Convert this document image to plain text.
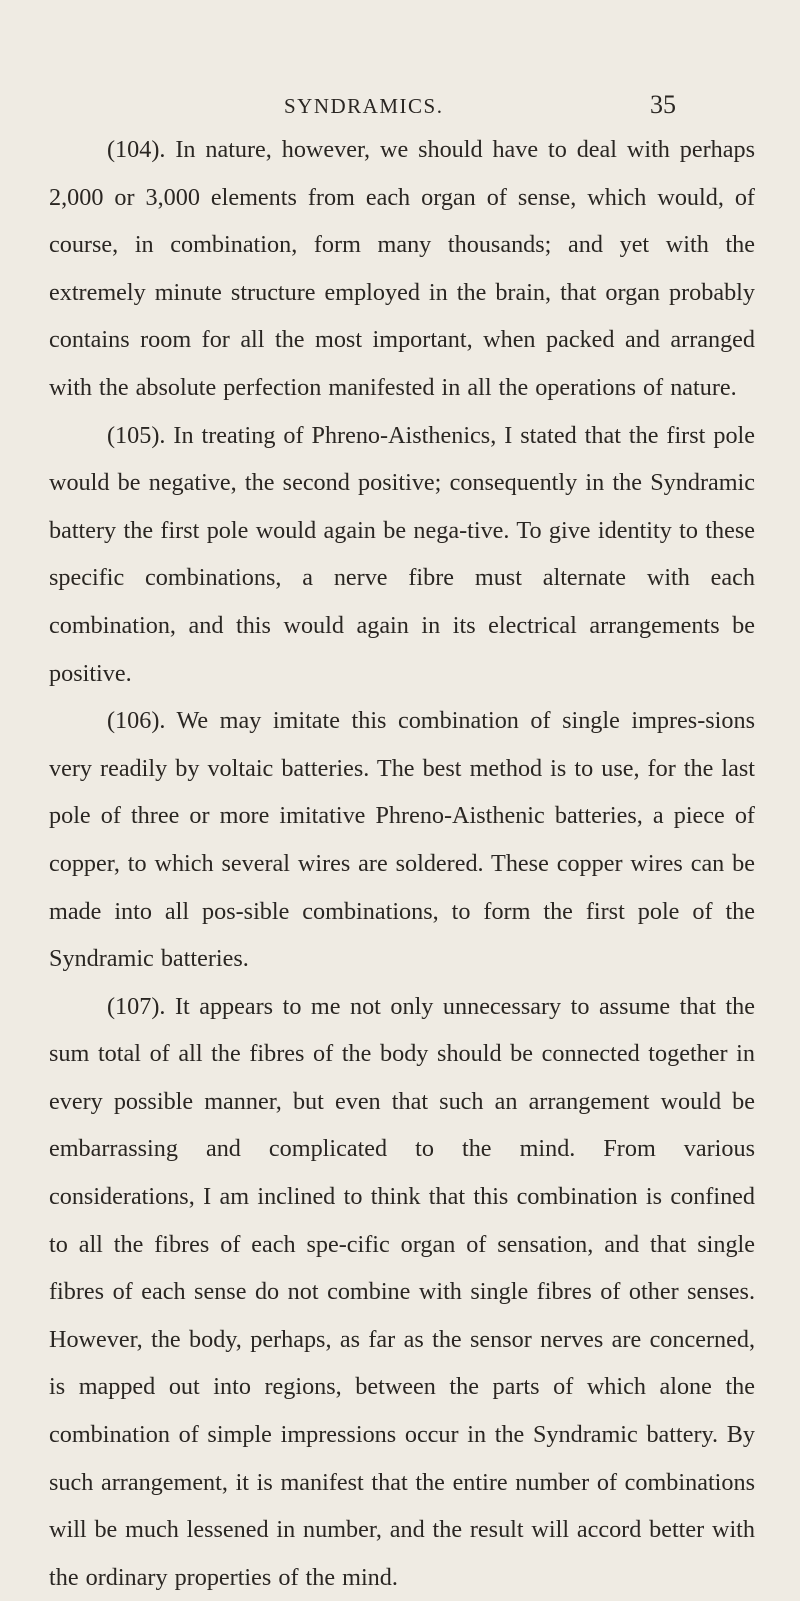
SYNDRAMICS.	35

(104). In nature, however, we should have to deal with perhaps 2,000 or 3,000 elements from each organ of sense, which would, of course, in combination, form many thousands; and yet with the extremely minute structure employed in the brain, that organ probably contains room for all the most important, when packed and arranged with the absolute perfection manifested in all the operations of nature.

(105). In treating of Phreno-Aisthenics, I stated that the first pole would be negative, the second positive; consequently in the Syndramic battery the first pole would again be nega-tive. To give identity to these specific combinations, a nerve fibre must alternate with each combination, and this would again in its electrical arrangements be positive.

(106). We may imitate this combination of single impres-sions very readily by voltaic batteries. The best method is to use, for the last pole of three or more imitative Phreno-Aisthenic batteries, a piece of copper, to which several wires are soldered. These copper wires can be made into all pos-sible combinations, to form the first pole of the Syndramic batteries.

(107). It appears to me not only unnecessary to assume that the sum total of all the fibres of the body should be connected together in every possible manner, but even that such an arrangement would be embarrassing and complicated to the mind. From various considerations, I am inclined to think that this combination is confined to all the fibres of each spe-cific organ of sensation, and that single fibres of each sense do not combine with single fibres of other senses. However, the body, perhaps, as far as the sensor nerves are concerned, is mapped out into regions, between the parts of which alone the combination of simple impressions occur in the Syndramic battery. By such arrangement, it is manifest that the entire number of combinations will be much lessened in number, and the result will accord better with the ordinary properties of the mind.
